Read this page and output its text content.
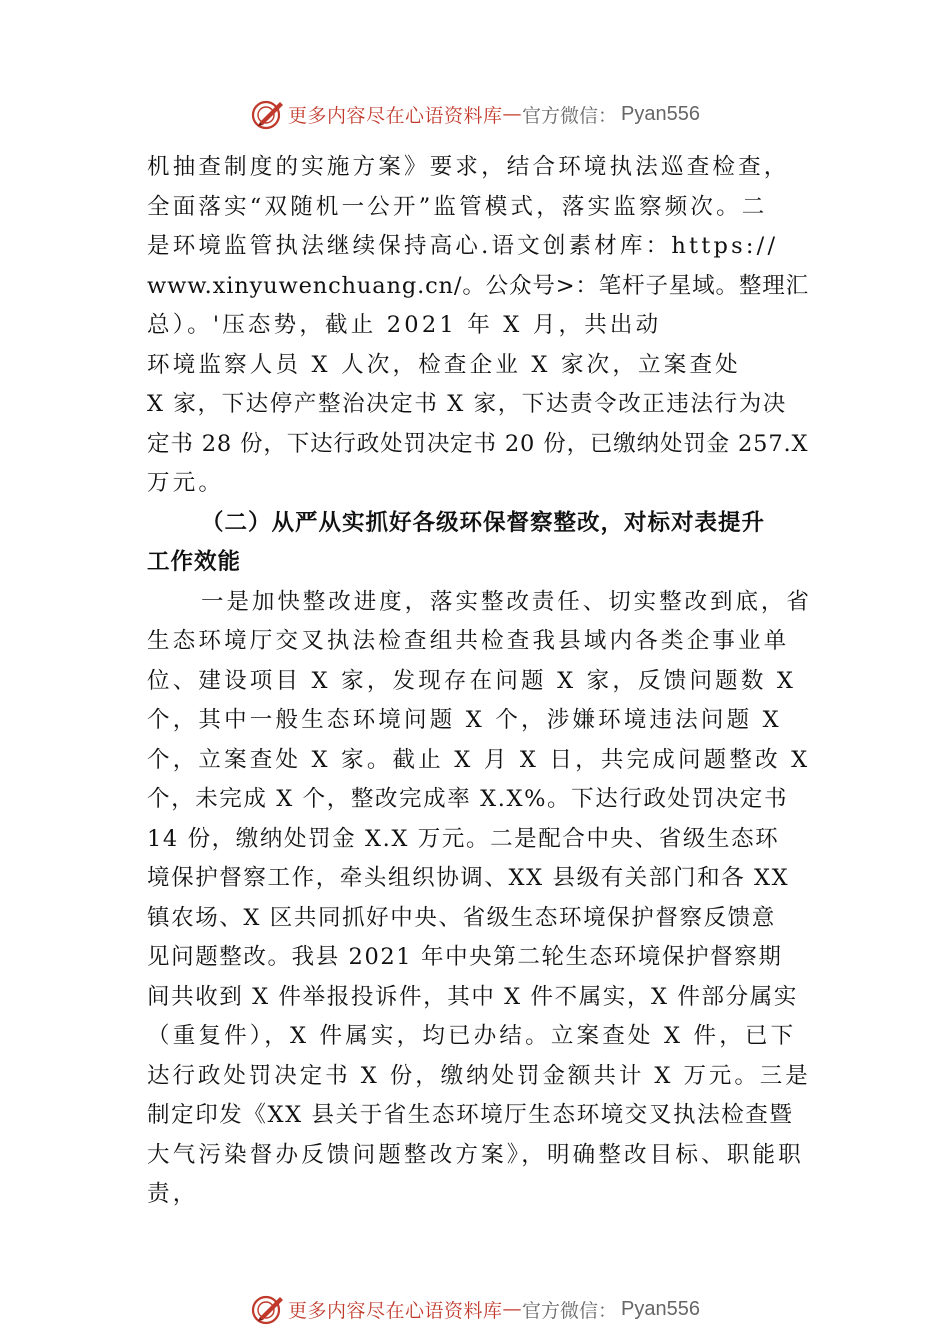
更多内容尽在心语资料库 — 官方微信： Pyan556
机抽查制度的实施方案》要求，结合环境执法巡查检查，
全面落实“双随机一公开”监管模式，落实监察频次。二
是环境监管执法继续保持高心.语文创素材库：https://
www.xinyuwenchuang.cn/。公众号>：笔杆子星域。整理汇
总）。'压态势，截止 2021 年 X 月，共出动
环境监察人员 X 人次，检查企业 X 家次，立案查处
X 家，下达停产整治决定书 X 家，下达责令改正违法行为决
定书 28 份，下达行政处罚决定书 20 份，已缴纳处罚金 257.X
万元。
（二）从严从实抓好各级环保督察整改，对标对表提升
工作效能
一是加快整改进度，落实整改责任、切实整改到底，省
生态环境厅交叉执法检查组共检查我县域内各类企事业单
位、建设项目 X 家，发现存在问题 X 家，反馈问题数 X
个，其中一般生态环境问题 X 个，涉嫌环境违法问题 X
个，立案查处 X 家。截止 X 月 X 日，共完成问题整改 X
个，未完成 X 个，整改完成率 X.X%。下达行政处罚决定书
14 份，缴纳处罚金 X.X 万元。二是配合中央、省级生态环
境保护督察工作，牵头组织协调、XX 县级有关部门和各 XX
镇农场、X 区共同抓好中央、省级生态环境保护督察反馈意
见问题整改。我县 2021 年中央第二轮生态环境保护督察期
间共收到 X 件举报投诉件，其中 X 件不属实，X 件部分属实
（重复件），X 件属实，均已办结。立案查处 X 件，已下
达行政处罚决定书 X 份，缴纳处罚金额共计 X 万元。三是
制定印发《XX 县关于省生态环境厅生态环境交叉执法检查暨
大气污染督办反馈问题整改方案》，明确整改目标、职能职
责，
更多内容尽在心语资料库 — 官方微信： Pyan556
